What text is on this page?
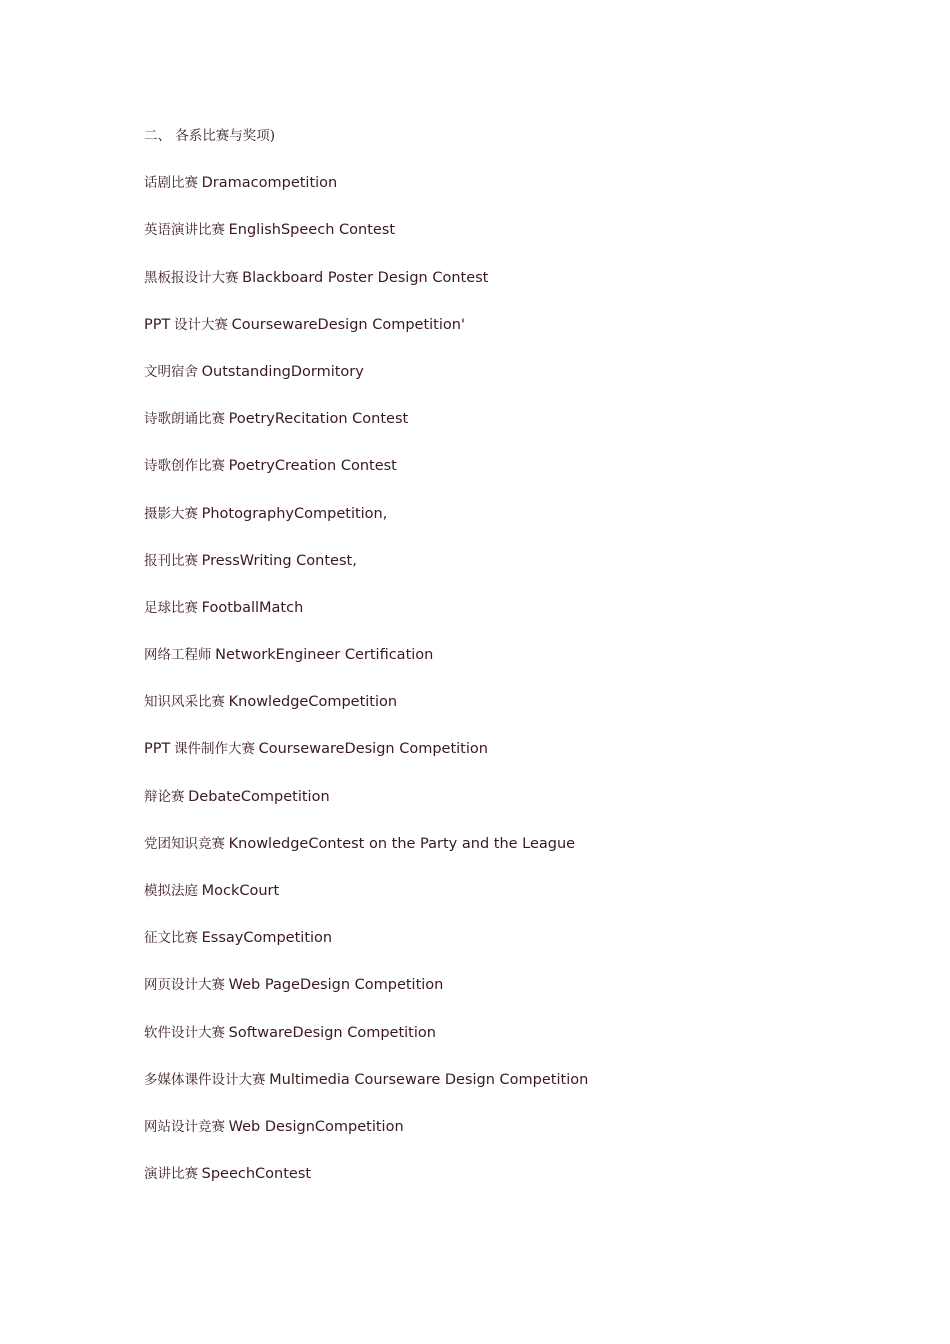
二、 各系比赛与奖项)
话剧比赛 Dramacompetition
英语演讲比赛 EnglishSpeech Contest
黑板报设计大赛 Blackboard Poster Design Contest
PPT 设计大赛 CoursewareDesign Competition'
文明宿舍 OutstandingDormitory
诗歌朗诵比赛 PoetryRecitation Contest
诗歌创作比赛 PoetryCreation Contest
摄影大赛 PhotographyCompetition,
报刊比赛 PressWriting Contest,
足球比赛 FootballMatch
网络工程师 NetworkEngineer Certification
知识风采比赛 KnowledgeCompetition
PPT 课件制作大赛 CoursewareDesign Competition
辩论赛 DebateCompetition
党团知识竞赛 KnowledgeContest on the Party and the League
模拟法庭 MockCourt
征文比赛 EssayCompetition
网页设计大赛 Web PageDesign Competition
软件设计大赛 SoftwareDesign Competition
多媒体课件设计大赛 Multimedia Courseware Design Competition
网站设计竞赛 Web DesignCompetition
演讲比赛 SpeechContest
